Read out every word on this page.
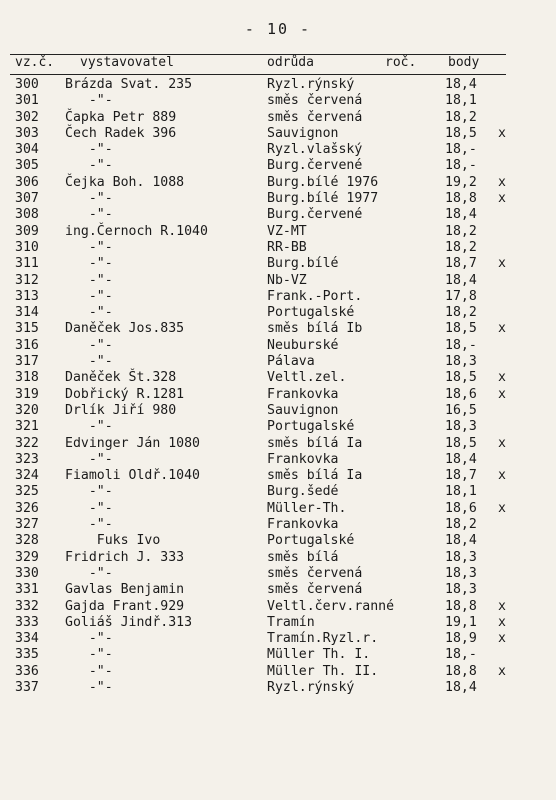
- 10 -
vz.č. vystavovatel	odrůda	roč. body
300 Brázda Svat. 235	Ryzl.rýnský	18,4
301 -"-	směs červená	18,1
302 Čapka Petr 889	směs červená	18,2
303 Čech Radek 396	Sauvignon	18,5 x
304 -"-	Ryzl.vlašský	18,-
305 -"-	Burg.červené	18,-
306 Čejka Boh. 1088	Burg.bílé 1976	19,2 x
307 -"-	Burg.bílé 1977	18,8 x
308 -"-	Burg.červené	18,4
309 ing.Černoch R.1040	VZ-MT	18,2
310 -"-	RR-BB	18,2
311 -"-	Burg.bílé	18,7 x
312 -"-	Nb-VZ	18,4
313 -"-	Frank.-Port.	17,8
314 -"-	Portugalské	18,2
315 Daněček Jos.835	směs bílá Ib	18,5 x
316 -"-	Neuburské	18,-
317 -"-	Pálava	18,3
318 Daněček Št.328	Veltl.zel.	18,5 x
319 Dobřický R.1281	Frankovka	18,6 x
320 Drlík Jiří 980	Sauvignon	16,5
321 -"-	Portugalské	18,3
322 Edvinger Ján 1080	směs bílá Ia	18,5 x
323 -"-	Frankovka	18,4
324 Fiamoli Oldř.1040	směs bílá Ia	18,7 x
325 -"-	Burg.šedé	18,1
326 -"-	Müller-Th.	18,6 x
327 -"-	Frankovka	18,2
328 Fuks Ivo	Portugalské	18,4
329 Fridrich J. 333	směs bílá	18,3
330 -"-	směs červená	18,3
331 Gavlas Benjamin	směs červená	18,3
332 Gajda Frant.929	Veltl.červ.ranné	18,8 x
333 Goliáš Jindř.313	Tramín	19,1 x
334 -"-	Tramín.Ryzl.r.	18,9 x
335 -"-	Müller Th. I.	18,-
336 -"-	Müller Th. II.	18,8 x
337 -"-	Ryzl.rýnský	18,4
